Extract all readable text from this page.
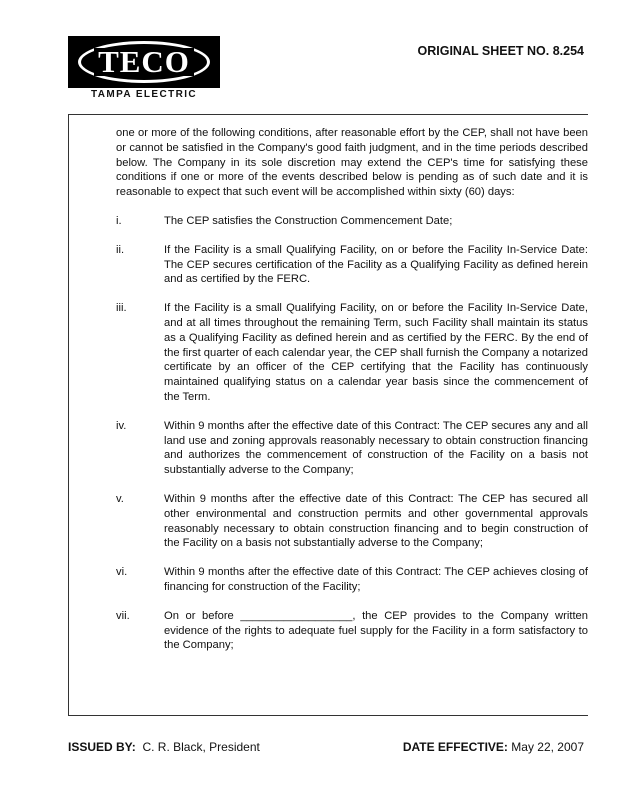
TECO
TAMPA ELECTRIC
ORIGINAL SHEET NO. 8.254

one or more of the following conditions, after reasonable effort by the CEP, shall not have been or cannot be satisfied in the Company's good faith judgment, and in the time periods described below. The Company in its sole discretion may extend the CEP's time for satisfying these conditions if one or more of the events described below is pending as of such date and it is reasonable to expect that such event will be accomplished within sixty (60) days:

i.	The CEP satisfies the Construction Commencement Date;
ii.	If the Facility is a small Qualifying Facility, on or before the Facility In-Service Date: The CEP secures certification of the Facility as a Qualifying Facility as defined herein and as certified by the FERC.
iii.	If the Facility is a small Qualifying Facility, on or before the Facility In-Service Date, and at all times throughout the remaining Term, such Facility shall maintain its status as a Qualifying Facility as defined herein and as certified by the FERC. By the end of the first quarter of each calendar year, the CEP shall furnish the Company a notarized certificate by an officer of the CEP certifying that the Facility has continuously maintained qualifying status on a calendar year basis since the commencement of the Term.
iv.	Within 9 months after the effective date of this Contract: The CEP secures any and all land use and zoning approvals reasonably necessary to obtain construction financing and authorizes the commencement of construction of the Facility on a basis not substantially adverse to the Company;
v.	Within 9 months after the effective date of this Contract: The CEP has secured all other environmental and construction permits and other governmental approvals reasonably necessary to obtain construction financing and to begin construction of the Facility on a basis not substantially adverse to the Company;
vi.	Within 9 months after the effective date of this Contract: The CEP achieves closing of financing for construction of the Facility;
vii.	On or before __________________, the CEP provides to the Company written evidence of the rights to adequate fuel supply for the Facility in a form satisfactory to the Company;
ISSUED BY: C. R. Black, President	DATE EFFECTIVE: May 22, 2007
